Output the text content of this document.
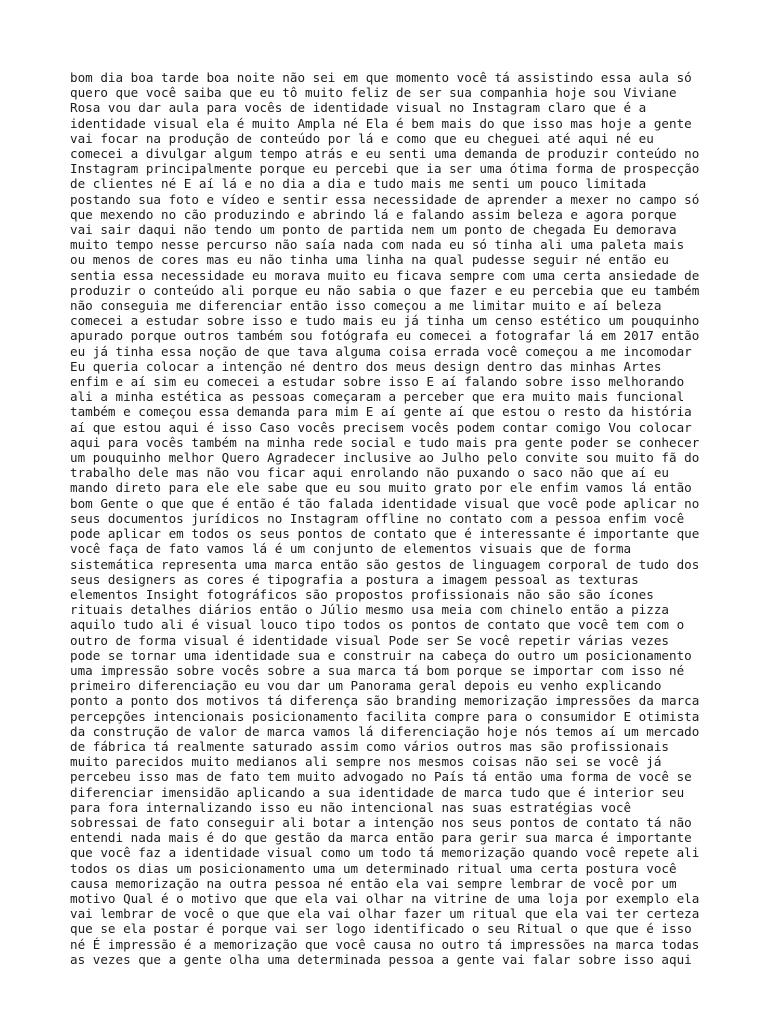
bom dia boa tarde boa noite não sei em que momento você tá assistindo essa aula só
quero que você saiba que eu tô muito feliz de ser sua companhia hoje sou Viviane
Rosa vou dar aula para vocês de identidade visual no Instagram claro que é a
identidade visual ela é muito Ampla né Ela é bem mais do que isso mas hoje a gente
vai focar na produção de conteúdo por lá e como que eu cheguei até aqui né eu
comecei a divulgar algum tempo atrás e eu senti uma demanda de produzir conteúdo no
Instagram principalmente porque eu percebi que ia ser uma ótima forma de prospecção
de clientes né E aí lá e no dia a dia e tudo mais me senti um pouco limitada
postando sua foto e vídeo e sentir essa necessidade de aprender a mexer no campo só
que mexendo no cão produzindo e abrindo lá e falando assim beleza e agora porque
vai sair daqui não tendo um ponto de partida nem um ponto de chegada Eu demorava
muito tempo nesse percurso não saía nada com nada eu só tinha ali uma paleta mais
ou menos de cores mas eu não tinha uma linha na qual pudesse seguir né então eu
sentia essa necessidade eu morava muito eu ficava sempre com uma certa ansiedade de
produzir o conteúdo ali porque eu não sabia o que fazer e eu percebia que eu também
não conseguia me diferenciar então isso começou a me limitar muito e aí beleza
comecei a estudar sobre isso e tudo mais eu já tinha um censo estético um pouquinho
apurado porque outros também sou fotógrafa eu comecei a fotografar lá em 2017 então
eu já tinha essa noção de que tava alguma coisa errada você começou a me incomodar
Eu queria colocar a intenção né dentro dos meus design dentro das minhas Artes
enfim e aí sim eu comecei a estudar sobre isso E aí falando sobre isso melhorando
ali a minha estética as pessoas começaram a perceber que era muito mais funcional
também e começou essa demanda para mim E aí gente aí que estou o resto da história
aí que estou aqui é isso Caso vocês precisem vocês podem contar comigo Vou colocar
aqui para vocês também na minha rede social e tudo mais pra gente poder se conhecer
um pouquinho melhor Quero Agradecer inclusive ao Julho pelo convite sou muito fã do
trabalho dele mas não vou ficar aqui enrolando não puxando o saco não que aí eu
mando direto para ele ele sabe que eu sou muito grato por ele enfim vamos lá então
bom Gente o que que é então é tão falada identidade visual que você pode aplicar no
seus documentos jurídicos no Instagram offline no contato com a pessoa enfim você
pode aplicar em todos os seus pontos de contato que é interessante é importante que
você faça de fato vamos lá é um conjunto de elementos visuais que de forma
sistemática representa uma marca então são gestos de linguagem corporal de tudo dos
seus designers as cores é tipografia a postura a imagem pessoal as texturas
elementos Insight fotográficos são propostos profissionais não são são ícones
rituais detalhes diários então o Júlio mesmo usa meia com chinelo então a pizza
aquilo tudo ali é visual louco tipo todos os pontos de contato que você tem com o
outro de forma visual é identidade visual Pode ser Se você repetir várias vezes
pode se tornar uma identidade sua e construir na cabeça do outro um posicionamento
uma impressão sobre vocês sobre a sua marca tá bom porque se importar com isso né
primeiro diferenciação eu vou dar um Panorama geral depois eu venho explicando
ponto a ponto dos motivos tá diferença são branding memorização impressões da marca
percepções intencionais posicionamento facilita compre para o consumidor E otimista
da construção de valor de marca vamos lá diferenciação hoje nós temos aí um mercado
de fábrica tá realmente saturado assim como vários outros mas são profissionais
muito parecidos muito medianos ali sempre nos mesmos coisas não sei se você já
percebeu isso mas de fato tem muito advogado no País tá então uma forma de você se
diferenciar imensidão aplicando a sua identidade de marca tudo que é interior seu
para fora internalizando isso eu não intencional nas suas estratégias você
sobressai de fato conseguir ali botar a intenção nos seus pontos de contato tá não
entendi nada mais é do que gestão da marca então para gerir sua marca é importante
que você faz a identidade visual como um todo tá memorização quando você repete ali
todos os dias um posicionamento uma um determinado ritual uma certa postura você
causa memorização na outra pessoa né então ela vai sempre lembrar de você por um
motivo Qual é o motivo que que ela vai olhar na vitrine de uma loja por exemplo ela
vai lembrar de você o que que ela vai olhar fazer um ritual que ela vai ter certeza
que se ela postar é porque vai ser logo identificado o seu Ritual o que que é isso
né É impressão é a memorização que você causa no outro tá impressões na marca todas
as vezes que a gente olha uma determinada pessoa a gente vai falar sobre isso aqui
